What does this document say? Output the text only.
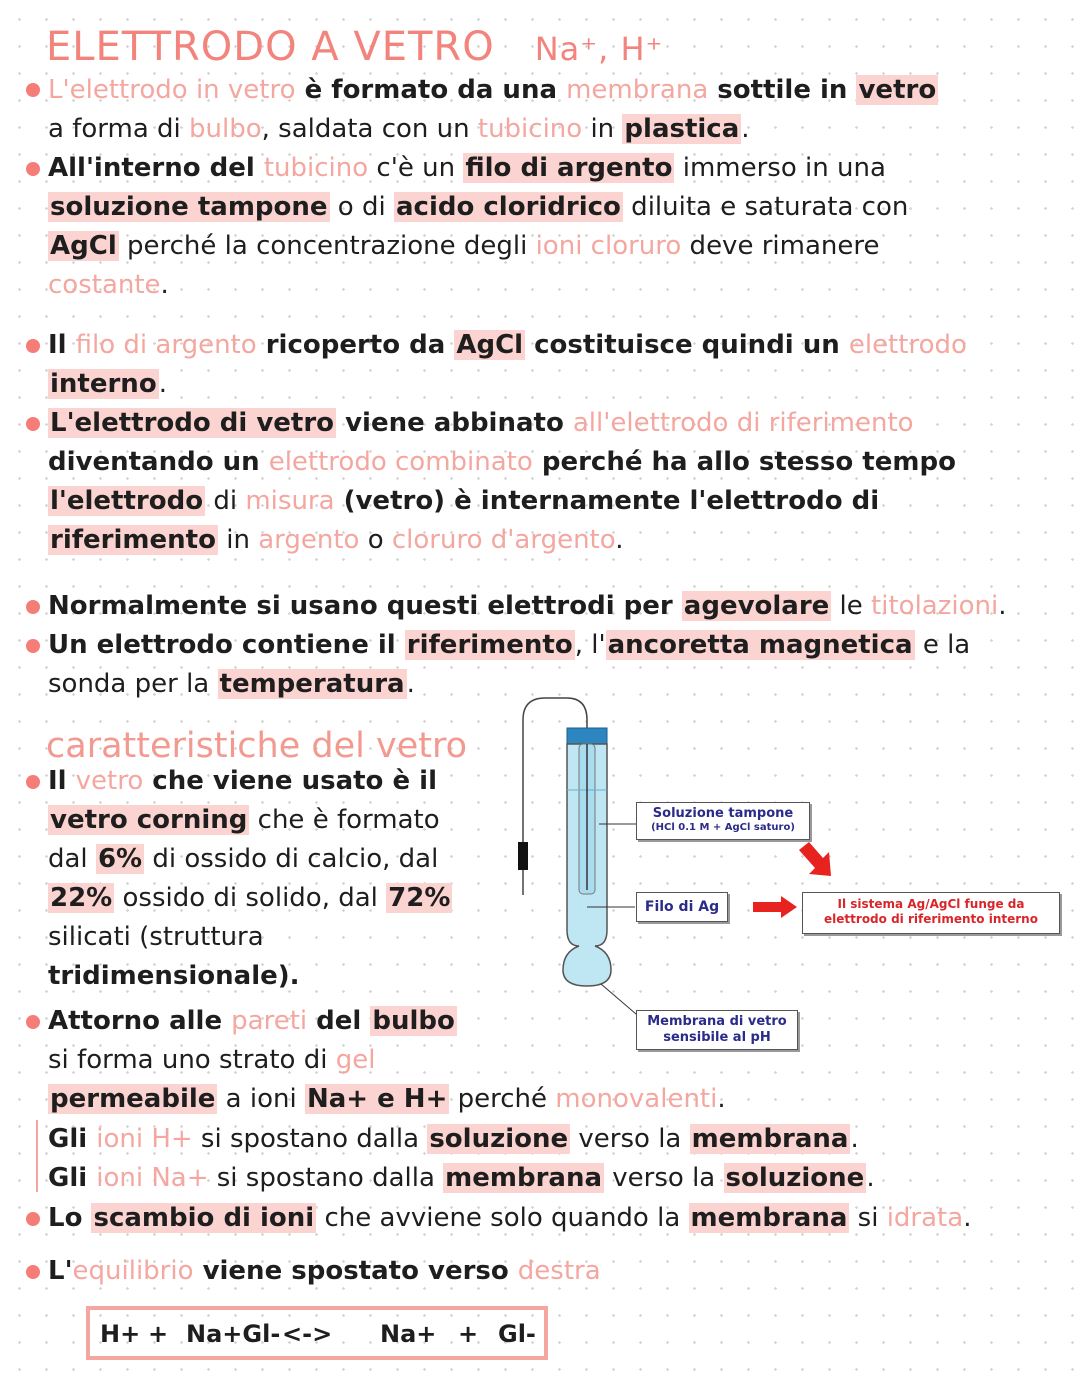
ELETTRODO A VETRO Na⁺, H⁺
L'elettrodo in vetro è formato da una membrana sottile in vetro
a forma di bulbo, saldata con un tubicino in plastica.
All'interno del tubicino c'è un filo di argento immerso in una
soluzione tampone o di acido cloridrico diluita e saturata con
AgCl perché la concentrazione degli ioni cloruro deve rimanere
costante.
Il filo di argento ricoperto da AgCl costituisce quindi un elettrodo
interno.
L'elettrodo di vetro viene abbinato all'elettrodo di riferimento
diventando un elettrodo combinato perché ha allo stesso tempo
l'elettrodo di misura (vetro) è internamente l'elettrodo di
riferimento in argento o cloruro d'argento.
Normalmente si usano questi elettrodi per agevolare le titolazioni.
Un elettrodo contiene il riferimento, l'ancoretta magnetica e la
sonda per la temperatura.
caratteristiche del vetro
Il vetro che viene usato è il
vetro corning che è formato
dal 6% di ossido di calcio, dal
22% ossido di solido, dal 72%
silicati (struttura
tridimensionale).
Attorno alle pareti del bulbo
si forma uno strato di gel
permeabile a ioni Na+ e H+ perché monovalenti.
Gli ioni H+ si spostano dalla soluzione verso la membrana.
Gli ioni Na+ si spostano dalla membrana verso la soluzione.
Lo scambio di ioni che avviene solo quando la membrana si idrata.
L'equilibrio viene spostato verso destra
H+ + Na+Gl- <-> Na+ + Gl-
Soluzione tampone
(HCl 0.1 M + AgCl saturo)
Filo di Ag	Il sistema Ag/AgCl funge da
elettrodo di riferimento interno
Membrana di vetro
sensibile al pH
